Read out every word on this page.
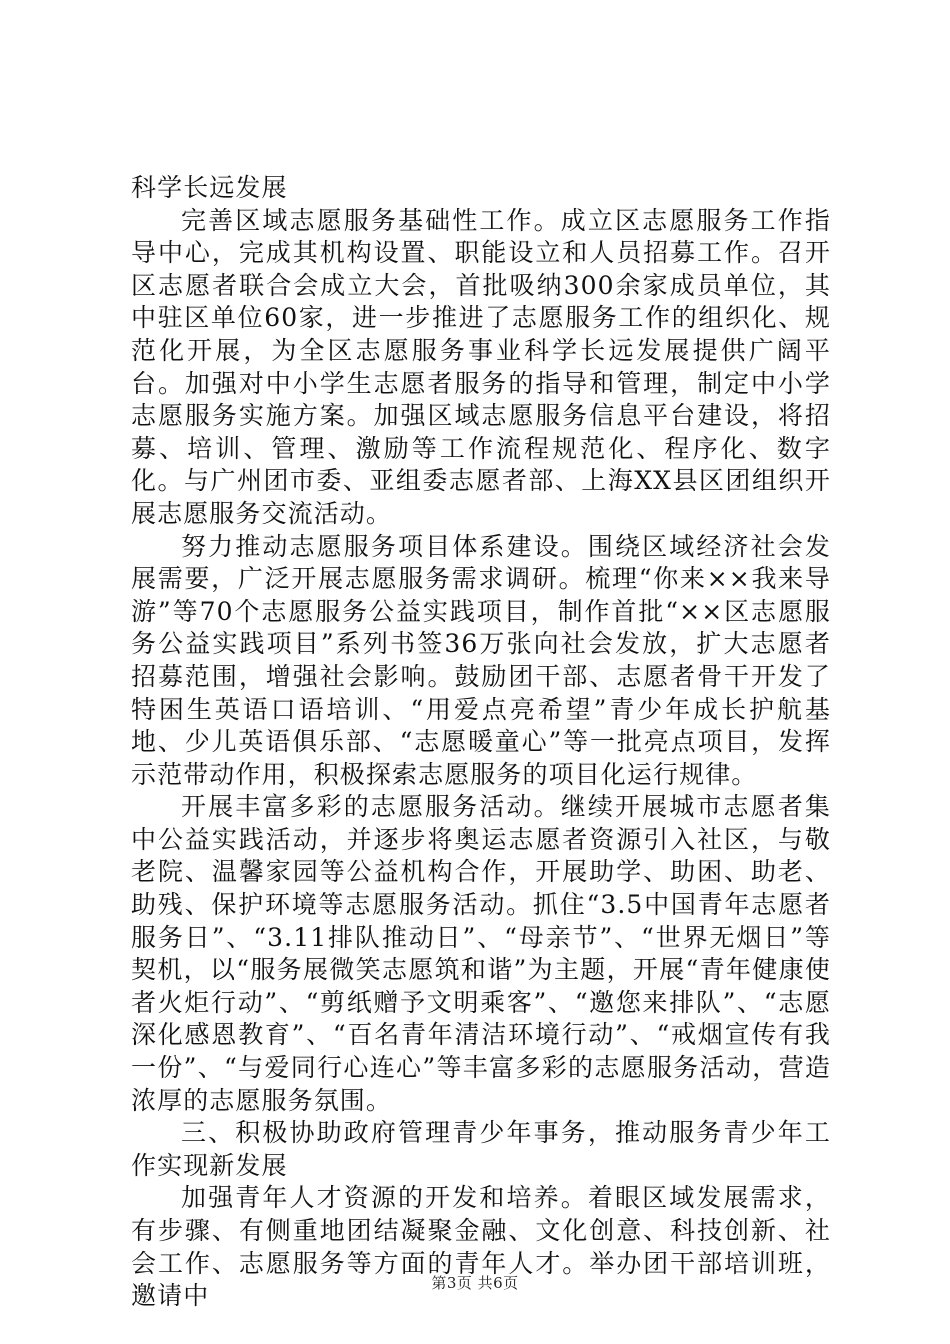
科学长远发展

完善区域志愿服务基础性工作。成立区志愿服务工作指导中心，完成其机构设置、职能设立和人员招募工作。召开区志愿者联合会成立大会，首批吸纳300余家成员单位，其中驻区单位60家，进一步推进了志愿服务工作的组织化、规范化开展，为全区志愿服务事业科学长远发展提供广阔平台。加强对中小学生志愿者服务的指导和管理，制定中小学志愿服务实施方案。加强区域志愿服务信息平台建设，将招募、培训、管理、激励等工作流程规范化、程序化、数字化。与广州团市委、亚组委志愿者部、上海XX县区团组织开展志愿服务交流活动。

努力推动志愿服务项目体系建设。围绕区域经济社会发展需要，广泛开展志愿服务需求调研。梳理“你来××我来导游”等70个志愿服务公益实践项目，制作首批“××区志愿服务公益实践项目”系列书签36万张向社会发放，扩大志愿者招募范围，增强社会影响。鼓励团干部、志愿者骨干开发了特困生英语口语培训、“用爱点亮希望”青少年成长护航基地、少儿英语俱乐部、“志愿暖童心”等一批亮点项目，发挥示范带动作用，积极探索志愿服务的项目化运行规律。

开展丰富多彩的志愿服务活动。继续开展城市志愿者集中公益实践活动，并逐步将奥运志愿者资源引入社区，与敬老院、温馨家园等公益机构合作，开展助学、助困、助老、助残、保护环境等志愿服务活动。抓住“3.5中国青年志愿者服务日”、“3.11排队推动日”、“母亲节”、“世界无烟日”等契机，以“服务展微笑志愿筑和谐”为主题，开展“青年健康使者火炬行动”、“剪纸赠予文明乘客”、“邀您来排队”、“志愿深化感恩教育”、“百名青年清洁环境行动”、“戒烟宣传有我一份”、“与爱同行心连心”等丰富多彩的志愿服务活动，营造浓厚的志愿服务氛围。

三、积极协助政府管理青少年事务，推动服务青少年工作实现新发展

加强青年人才资源的开发和培养。着眼区域发展需求，有步骤、有侧重地团结凝聚金融、文化创意、科技创新、社会工作、志愿服务等方面的青年人才。举办团干部培训班，邀请中	第3页 共6页
